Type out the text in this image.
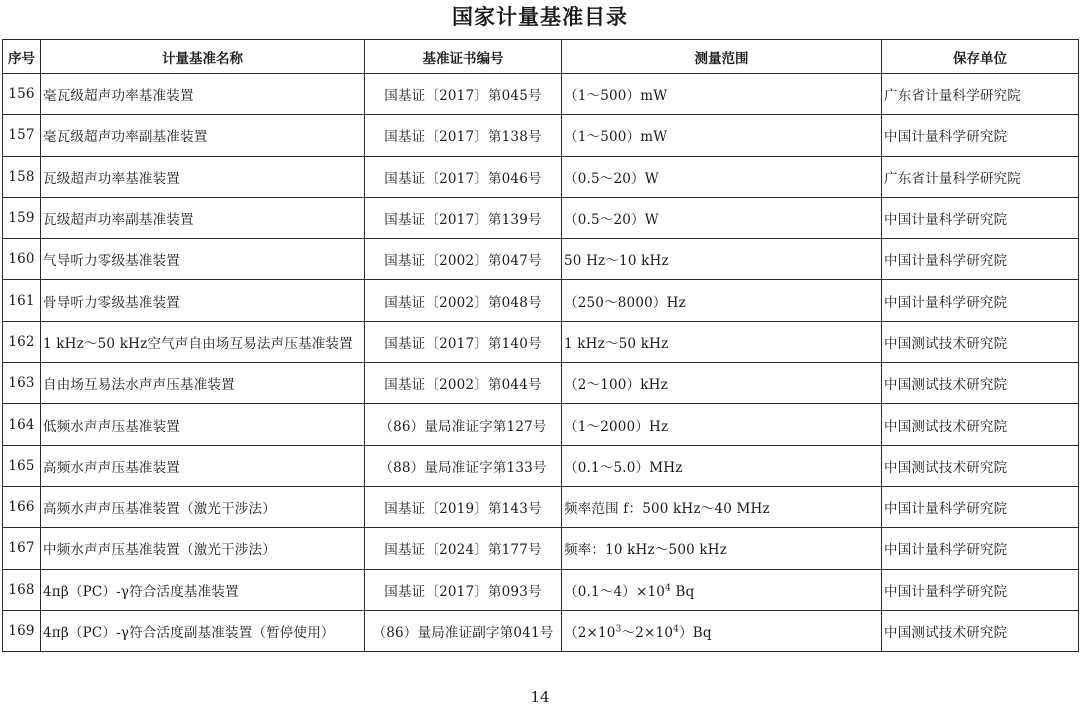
国家计量基准目录
序号	计量基准名称	基准证书编号	测量范围	保存单位
156	毫瓦级超声功率基准装置	国基证〔2017〕第045号	（1～500）mW	广东省计量科学研究院
157	毫瓦级超声功率副基准装置	国基证〔2017〕第138号	（1～500）mW	中国计量科学研究院
158	瓦级超声功率基准装置	国基证〔2017〕第046号	（0.5～20）W	广东省计量科学研究院
159	瓦级超声功率副基准装置	国基证〔2017〕第139号	（0.5～20）W	中国计量科学研究院
160	气导听力零级基准装置	国基证〔2002〕第047号	50 Hz～10 kHz	中国计量科学研究院
161	骨导听力零级基准装置	国基证〔2002〕第048号	（250～8000）Hz	中国计量科学研究院
162	1 kHz～50 kHz空气声自由场互易法声压基准装置	国基证〔2017〕第140号	1 kHz～50 kHz	中国测试技术研究院
163	自由场互易法水声声压基准装置	国基证〔2002〕第044号	（2～100）kHz	中国测试技术研究院
164	低频水声声压基准装置	（86）量局准证字第127号	（1～2000）Hz	中国测试技术研究院
165	高频水声声压基准装置	（88）量局准证字第133号	（0.1～5.0）MHz	中国测试技术研究院
166	高频水声声压基准装置（激光干涉法）	国基证〔2019〕第143号	频率范围 f：500 kHz～40 MHz	中国计量科学研究院
167	中频水声声压基准装置（激光干涉法）	国基证〔2024〕第177号	频率：10 kHz～500 kHz	中国计量科学研究院
168	4πβ（PC）-γ符合活度基准装置	国基证〔2017〕第093号	$(0.1\sim 4)\times 10^4$ Bq	中国计量科学研究院
169	4πβ（PC）-γ符合活度副基准装置（暂停使用）	（86）量局准证副字第041号	$(2\times 10^3\sim 2\times 10^4)Bq$	中国测试技术研究院
14
